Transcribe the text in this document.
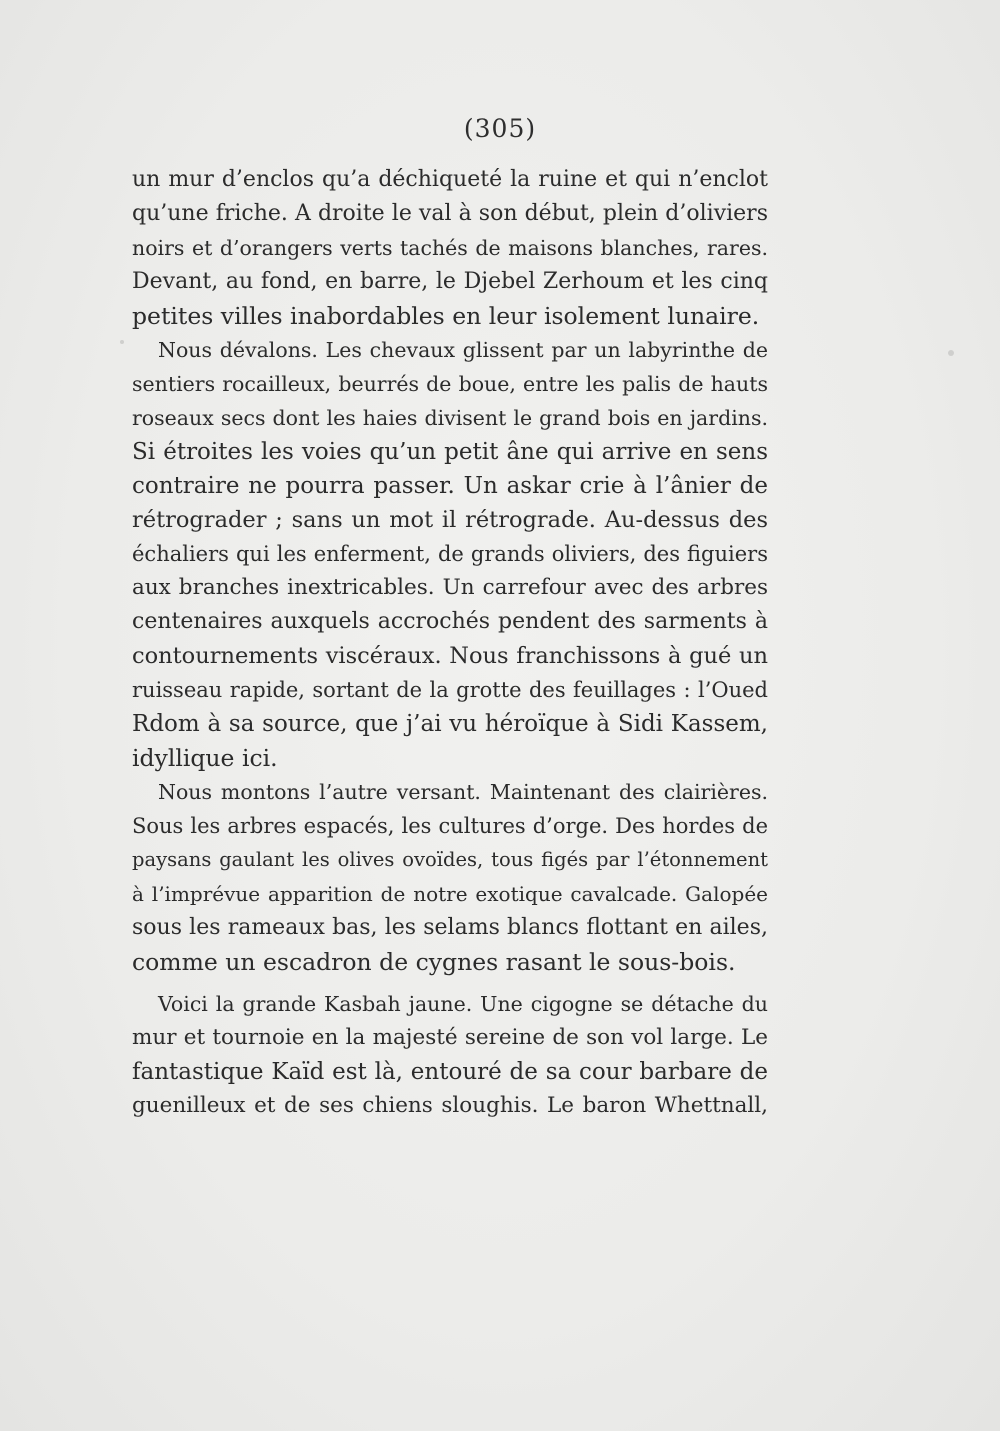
(305)
un mur d’enclos qu’a déchiqueté la ruine et qui n’enclot
qu’une friche. A droite le val à son début, plein d’oliviers
noirs et d’orangers verts tachés de maisons blanches, rares.
Devant, au fond, en barre, le Djebel Zerhoum et les cinq
petites villes inabordables en leur isolement lunaire.
Nous dévalons. Les chevaux glissent par un labyrinthe de
sentiers rocailleux, beurrés de boue, entre les palis de hauts
roseaux secs dont les haies divisent le grand bois en jardins.
Si étroites les voies qu’un petit âne qui arrive en sens
contraire ne pourra passer. Un askar crie à l’ânier de
rétrograder ; sans un mot il rétrograde. Au-dessus des
échaliers qui les enferment, de grands oliviers, des figuiers
aux branches inextricables. Un carrefour avec des arbres
centenaires auxquels accrochés pendent des sarments à
contournements viscéraux. Nous franchissons à gué un
ruisseau rapide, sortant de la grotte des feuillages : l’Oued
Rdom à sa source, que j’ai vu héroïque à Sidi Kassem,
idyllique ici.
Nous montons l’autre versant. Maintenant des clairières.
Sous les arbres espacés, les cultures d’orge. Des hordes de
paysans gaulant les olives ovoïdes, tous figés par l’étonnement
à l’imprévue apparition de notre exotique cavalcade. Galopée
sous les rameaux bas, les selams blancs flottant en ailes,
comme un escadron de cygnes rasant le sous-bois.
Voici la grande Kasbah jaune. Une cigogne se détache du
mur et tournoie en la majesté sereine de son vol large. Le
fantastique Kaïd est là, entouré de sa cour barbare de
guenilleux et de ses chiens sloughis. Le baron Whettnall,
